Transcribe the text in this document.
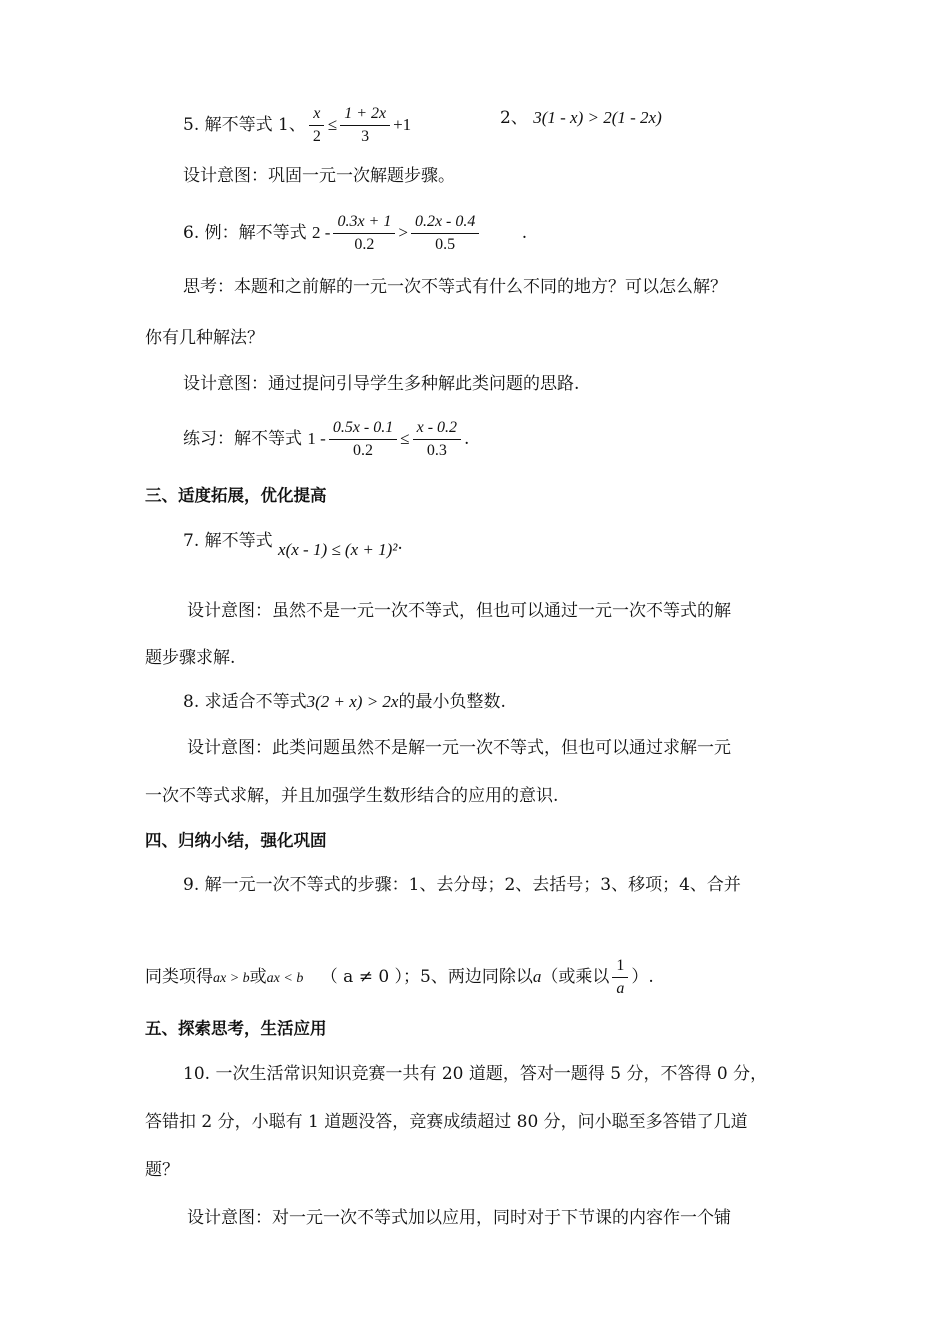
5. 解不等式 1、 $\frac{x}{2} \le \frac{1 + 2x}{3} +1$	2、 3(1 - x) > 2(1 - 2x)
设计意图：巩固一元一次解题步骤。
6. 例：解不等式 $2 - \frac{0.3x + 1}{0.2} > \frac{0.2x - 0.4}{0.5}$ .
思考：本题和之前解的一元一次不等式有什么不同的地方？可以怎么解？
你有几种解法？
设计意图：通过提问引导学生多种解此类问题的思路.
练习：解不等式 $1 - \frac{0.5x - 0.1}{0.2} \le \frac{x - 0.2}{0.3}$ .
三、适度拓展，优化提高
7. 解不等式 x(x - 1) ≤ (x + 1)².
设计意图：虽然不是一元一次不等式，但也可以通过一元一次不等式的解
题步骤求解.
8. 求适合不等式3(2 + x) > 2x的最小负整数.
设计意图：此类问题虽然不是解一元一次不等式，但也可以通过求解一元
一次不等式求解，并且加强学生数形结合的应用的意识.
四、归纳小结，强化巩固
9. 解一元一次不等式的步骤：1、去分母；2、去括号；3、移项；4、合并
同类项得ax > b或ax < b （ a ≠ 0 ）；5、两边同除以a（或乘以 $\frac{1}{a}$ ）.
五、探索思考，生活应用
10. 一次生活常识知识竞赛一共有 20 道题，答对一题得 5 分，不答得 0 分，
答错扣 2 分，小聪有 1 道题没答，竞赛成绩超过 80 分，问小聪至多答错了几道
题？
设计意图：对一元一次不等式加以应用，同时对于下节课的内容作一个铺
